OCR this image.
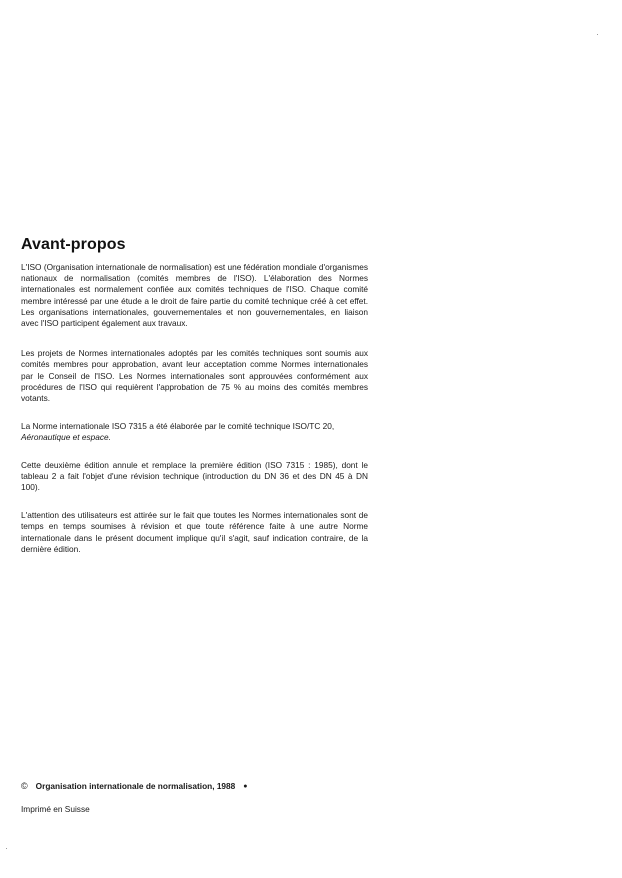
Avant-propos

L'ISO (Organisation internationale de normalisation) est une fédération mondiale d'organismes nationaux de normalisation (comités membres de l'ISO). L'élaboration des Normes internationales est normalement confiée aux comités techniques de l'ISO. Chaque comité membre intéressé par une étude a le droit de faire partie du comité technique créé à cet effet. Les organisations internationales, gouvernementales et non gouvernementales, en liaison avec l'ISO participent également aux travaux.

Les projets de Normes internationales adoptés par les comités techniques sont soumis aux comités membres pour approbation, avant leur acceptation comme Normes internationales par le Conseil de l'ISO. Les Normes internationales sont approuvées conformément aux procédures de l'ISO qui requièrent l'approbation de 75 % au moins des comités membres votants.

La Norme internationale ISO 7315 a été élaborée par le comité technique ISO/TC 20,
Aéronautique et espace.

Cette deuxième édition annule et remplace la première édition (ISO 7315 : 1985), dont le tableau 2 a fait l'objet d'une révision technique (introduction du DN 36 et des DN 45 à DN 100).

L'attention des utilisateurs est attirée sur le fait que toutes les Normes internationales sont de temps en temps soumises à révision et que toute référence faite à une autre Norme internationale dans le présent document implique qu'il s'agit, sauf indication contraire, de la dernière édition.

© Organisation internationale de normalisation, 1988 ●
Imprimé en Suisse
